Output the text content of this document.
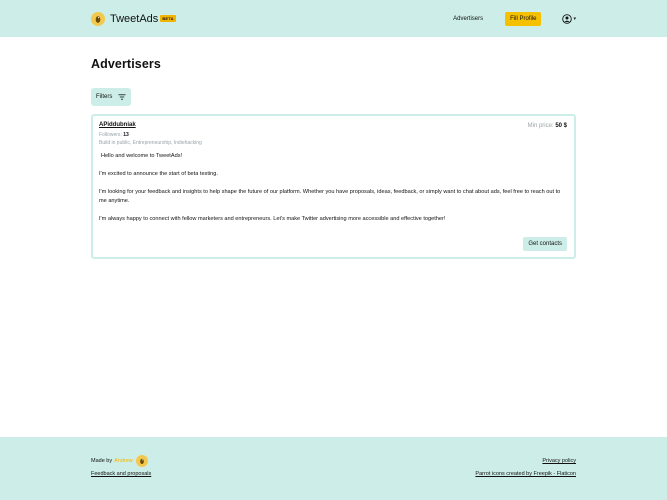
TweetAds	BETA	Advertisers	Fill Profile	▾
Advertisers
Filters
APiddubniak	Min price: 50 $
Followers: 13
Build in public, Entrepreneurship, Indiehacking

Hello and welcome to TweetAds!

I'm excited to announce the start of beta testing.

I'm looking for your feedback and insights to help shape the future of our platform. Whether you have proposals, ideas, feedback, or simply want to chat about ads, feel free to reach out to me anytime.

I'm always happy to connect with fellow marketers and entrepreneurs. Let's make Twitter advertising more accessible and effective together!

Get contacts
Made by Andrew	Privacy policy
Feedback and proposals	Parrot icons created by Freepik - Flaticon
